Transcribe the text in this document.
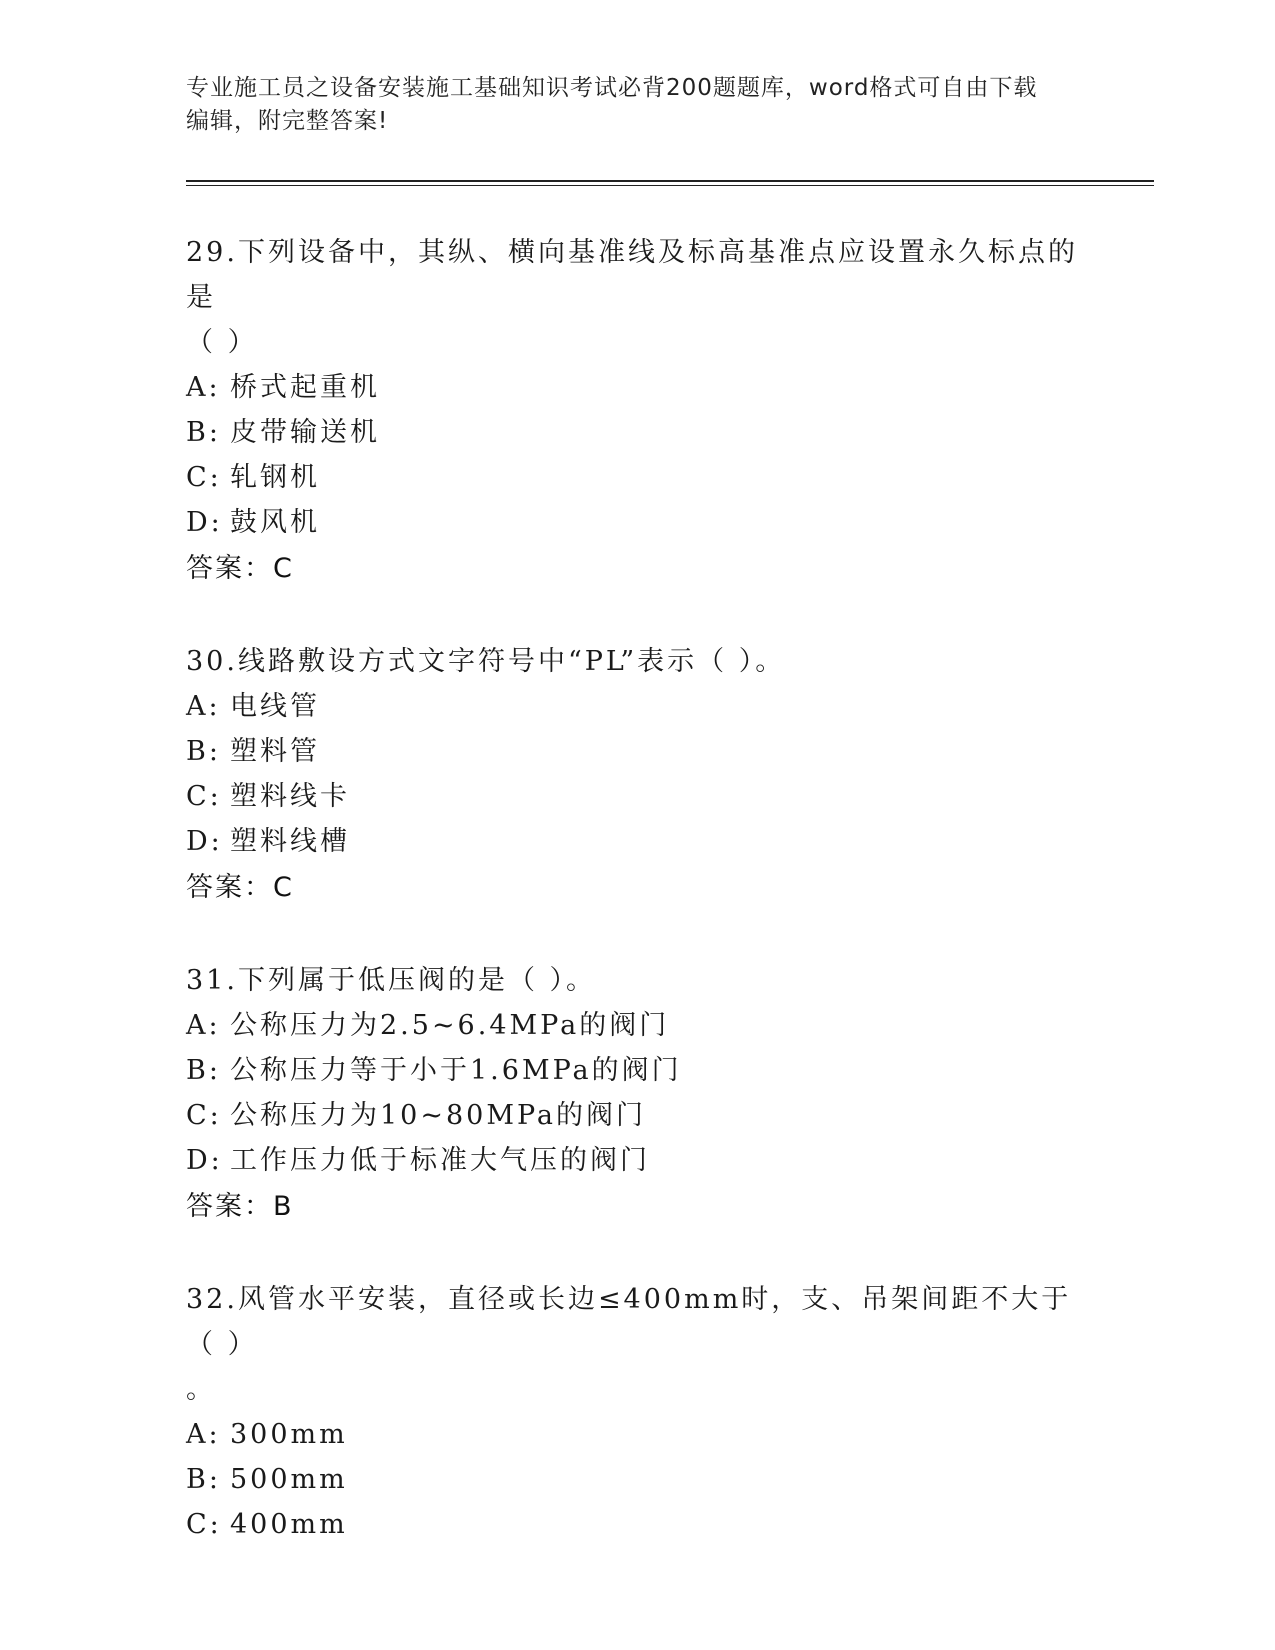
专业施工员之设备安装施工基础知识考试必背200题题库，word格式可自由下载
编辑，附完整答案!
29.下列设备中，其纵、横向基准线及标高基准点应设置永久标点的是
（ ）
A: 桥式起重机
B: 皮带输送机
C: 轧钢机
D: 鼓风机
答案：C
30.线路敷设方式文字符号中“PL”表示（ ）。
A: 电线管
B: 塑料管
C: 塑料线卡
D: 塑料线槽
答案：C
31.下列属于低压阀的是（ ）。
A: 公称压力为2.5~6.4MPa的阀门
B: 公称压力等于小于1.6MPa的阀门
C: 公称压力为10~80MPa的阀门
D: 工作压力低于标准大气压的阀门
答案：B
32.风管水平安装，直径或长边≤400mm时，支、吊架间距不大于（ ）
。
A: 300mm
B: 500mm
C: 400mm
